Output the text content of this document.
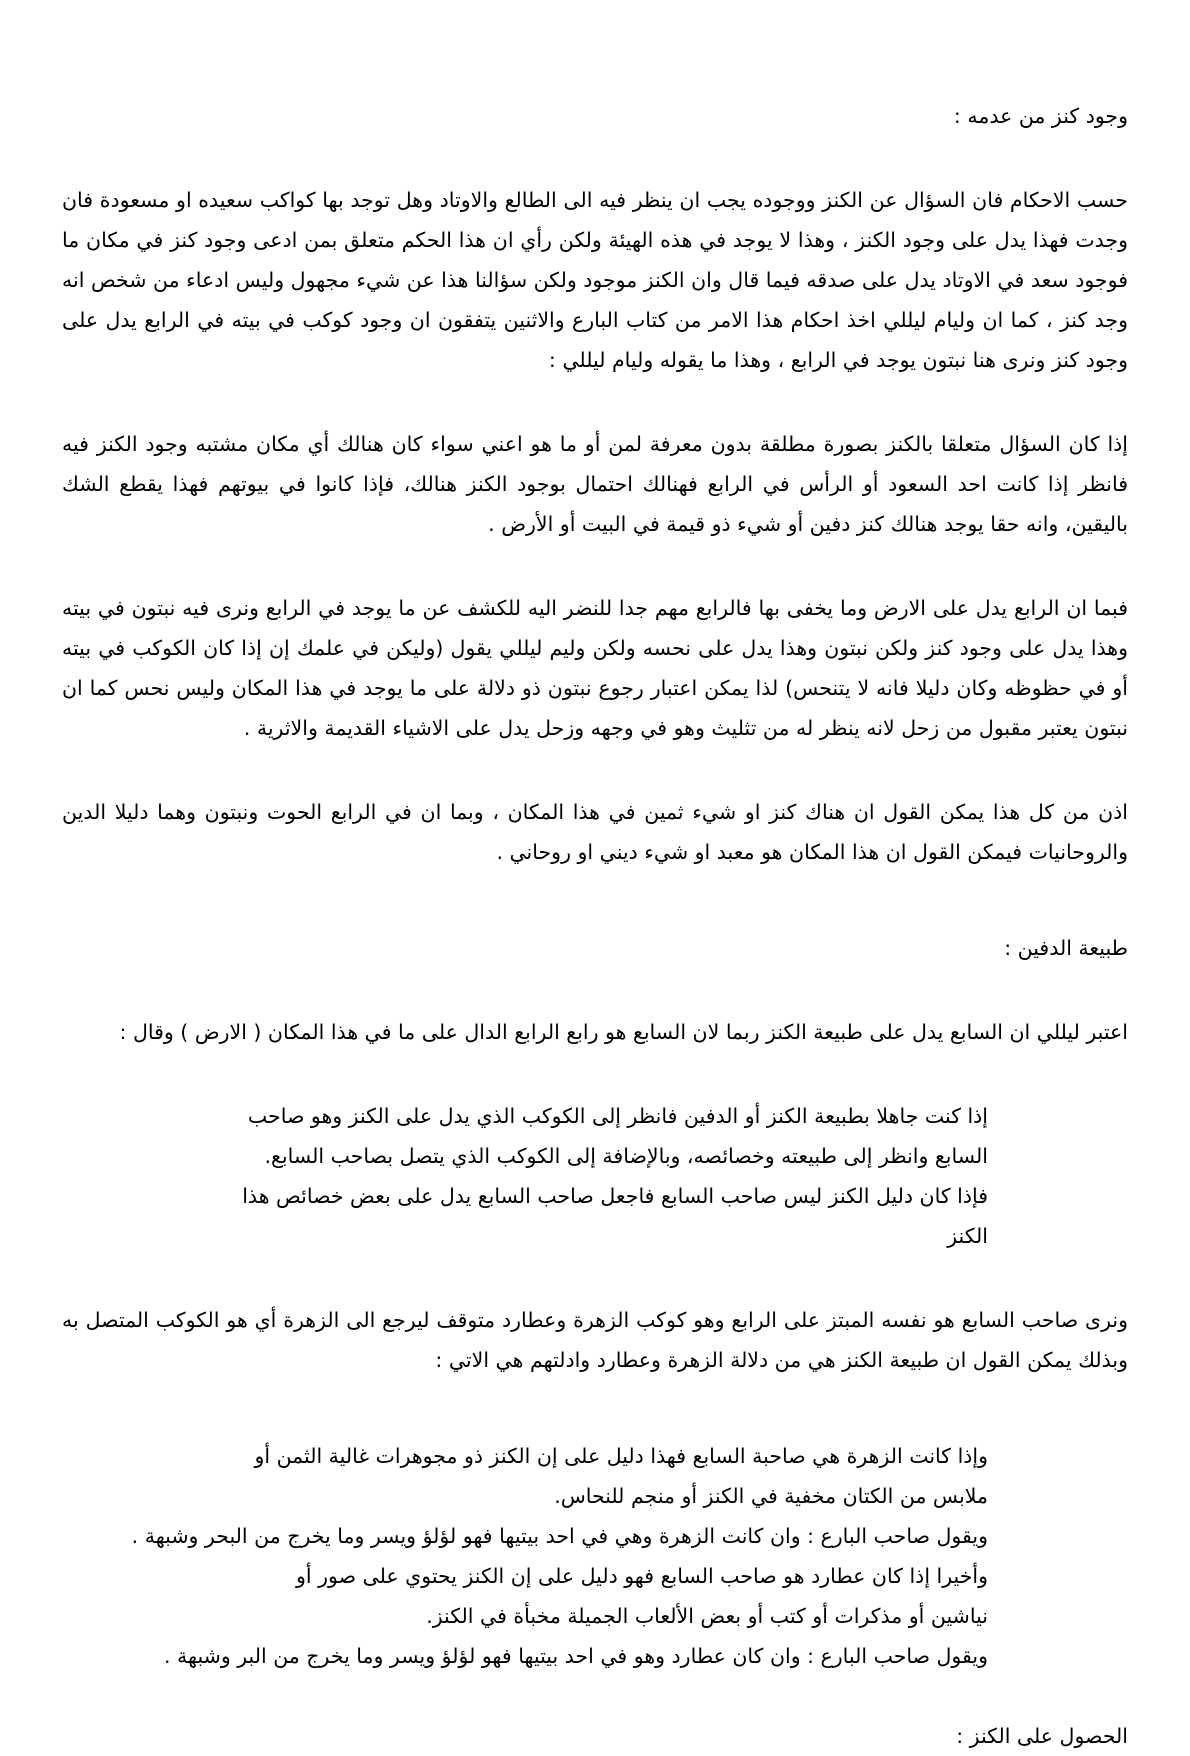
وجود كنز من عدمه :

حسب الاحكام فان السؤال عن الكنز ووجوده يجب ان ينظر فيه الى الطالع والاوتاد وهل توجد بها كواكب سعيده او مسعودة فان وجدت فهذا يدل على وجود الكنز ، وهذا لا يوجد في هذه الهيئة ولكن رأي ان هذا الحكم متعلق بمن ادعى وجود كنز في مكان ما فوجود سعد في الاوتاد يدل على صدقه فيما قال وان الكنز موجود ولكن سؤالنا هذا عن شيء مجهول وليس ادعاء من شخص انه وجد كنز ، كما ان وليام ليللي اخذ احكام هذا الامر من كتاب البارع والاثنين يتفقون ان وجود كوكب في بيته في الرابع يدل على وجود كنز ونرى هنا نبتون يوجد في الرابع ، وهذا ما يقوله وليام ليللي :

إذا كان السؤال متعلقا بالكنز بصورة مطلقة بدون معرفة لمن أو ما هو اعني سواء كان هنالك أي مكان مشتبه وجود الكنز فيه فانظر إذا كانت احد السعود أو الرأس في الرابع فهنالك احتمال بوجود الكنز هنالك، فإذا كانوا في بيوتهم فهذا يقطع الشك باليقين، وانه حقا يوجد هنالك كنز دفين أو شيء ذو قيمة في البيت أو الأرض .

فبما ان الرابع يدل على الارض وما يخفى بها فالرابع مهم جدا للنضر اليه للكشف عن ما يوجد في الرابع ونرى فيه نبتون في بيته وهذا يدل على وجود كنز ولكن نبتون وهذا يدل على نحسه ولكن وليم ليللي يقول (وليكن في علمك إن إذا كان الكوكب في بيته أو في حظوظه وكان دليلا فانه لا يتنحس) لذا يمكن اعتبار رجوع نبتون ذو دلالة على ما يوجد في هذا المكان وليس نحس كما ان نبتون يعتبر مقبول من زحل لانه ينظر له من تثليث وهو في وجهه وزحل يدل على الاشياء القديمة والاثرية .

اذن من كل هذا يمكن القول ان هناك كنز او شيء ثمين في هذا المكان ، وبما ان في الرابع الحوت ونبتون وهما دليلا الدين والروحانيات فيمكن القول ان هذا المكان هو معبد او شيء ديني او روحاني .

طبيعة الدفين :

اعتبر ليللي ان السابع يدل على طبيعة الكنز ربما لان السابع هو رابع الرابع الدال على ما في هذا المكان ( الارض ) وقال :

إذا كنت جاهلا بطبيعة الكنز أو الدفين فانظر إلى الكوكب الذي يدل على الكنز وهو صاحب
السابع وانظر إلى طبيعته وخصائصه، وبالإضافة إلى الكوكب الذي يتصل بصاحب السابع.
فإذا كان دليل الكنز ليس صاحب السابع فاجعل صاحب السابع يدل على بعض خصائص هذا
الكنز

ونرى صاحب السابع هو نفسه المبتز على الرابع وهو كوكب الزهرة وعطارد متوقف ليرجع الى الزهرة أي هو الكوكب المتصل به وبذلك يمكن القول ان طبيعة الكنز هي من دلالة الزهرة وعطارد وادلتهم هي الاتي :

وإذا كانت الزهرة هي صاحبة السابع فهذا دليل على إن الكنز ذو مجوهرات غالية الثمن أو
ملابس من الكتان مخفية في الكنز أو منجم للنحاس.
ويقول صاحب البارع : وان كانت الزهرة وهي في احد بيتيها فهو لؤلؤ ويسر وما يخرج من البحر وشبهة .
وأخيرا إذا كان عطارد هو صاحب السابع فهو دليل على إن الكنز يحتوي على صور أو
نياشين أو مذكرات أو كتب أو بعض الألعاب الجميلة مخبأة في الكنز.
ويقول صاحب البارع : وان كان عطارد وهو في احد بيتيها فهو لؤلؤ ويسر وما يخرج من البر وشبهة .
الحصول على الكنز :
